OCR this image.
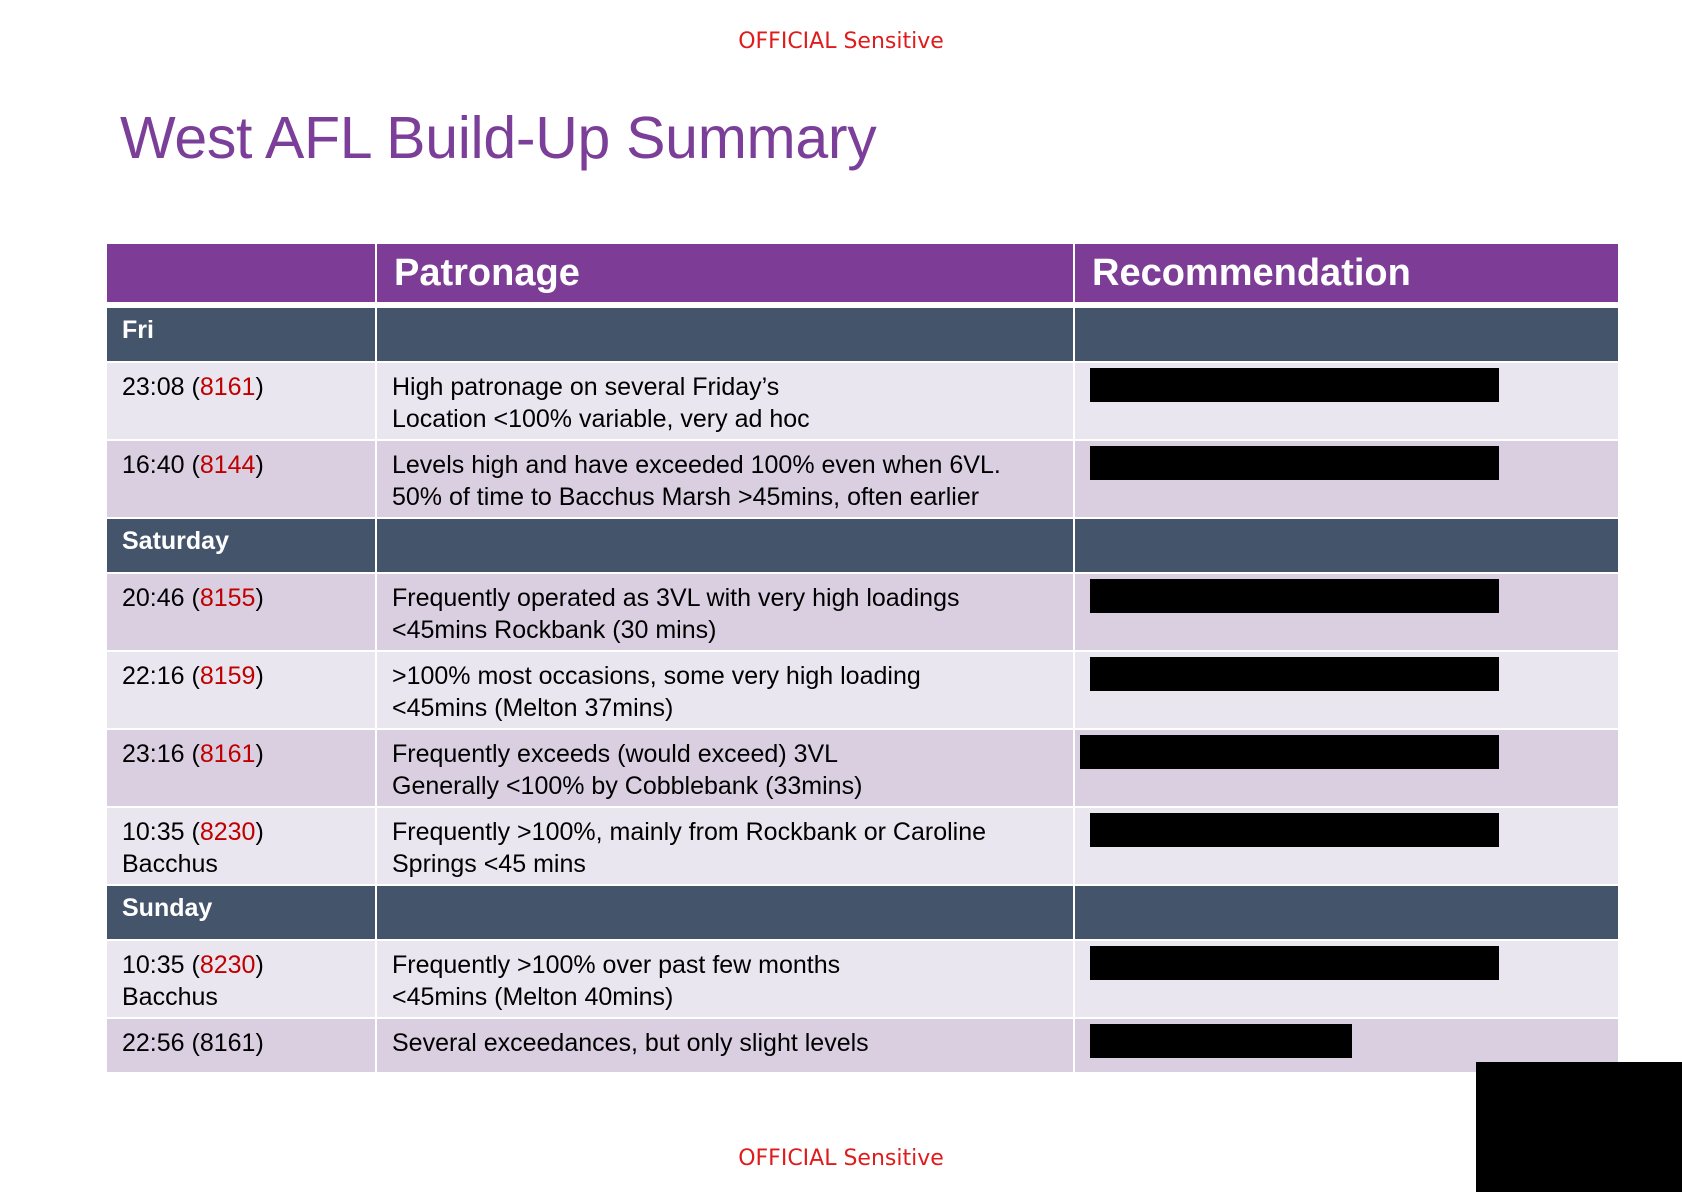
OFFICIAL Sensitive
West AFL Build-Up Summary
	Patronage	Recommendation

Fri		
23:08 (8161)	High patronage on several Friday’s
Location <100% variable, very ad hoc	

16:40 (8144)	Levels high and have exceeded 100% even when 6VL.
50% of time to Bacchus Marsh >45mins, often earlier	

Saturday		
20:46 (8155)	Frequently operated as 3VL with very high loadings
<45mins Rockbank (30 mins)	

22:16 (8159)	>100% most occasions, some very high loading
<45mins (Melton 37mins)	

23:16 (8161)	Frequently exceeds (would exceed) 3VL
Generally <100% by Cobblebank (33mins)	

10:35 (8230)
Bacchus	Frequently >100%, mainly from Rockbank or Caroline
Springs <45 mins	

Sunday		
10:35 (8230)
Bacchus	Frequently >100% over past few months
<45mins (Melton 40mins)	

22:56 (8161)	Several exceedances, but only slight levels	

OFFICIAL Sensitive
